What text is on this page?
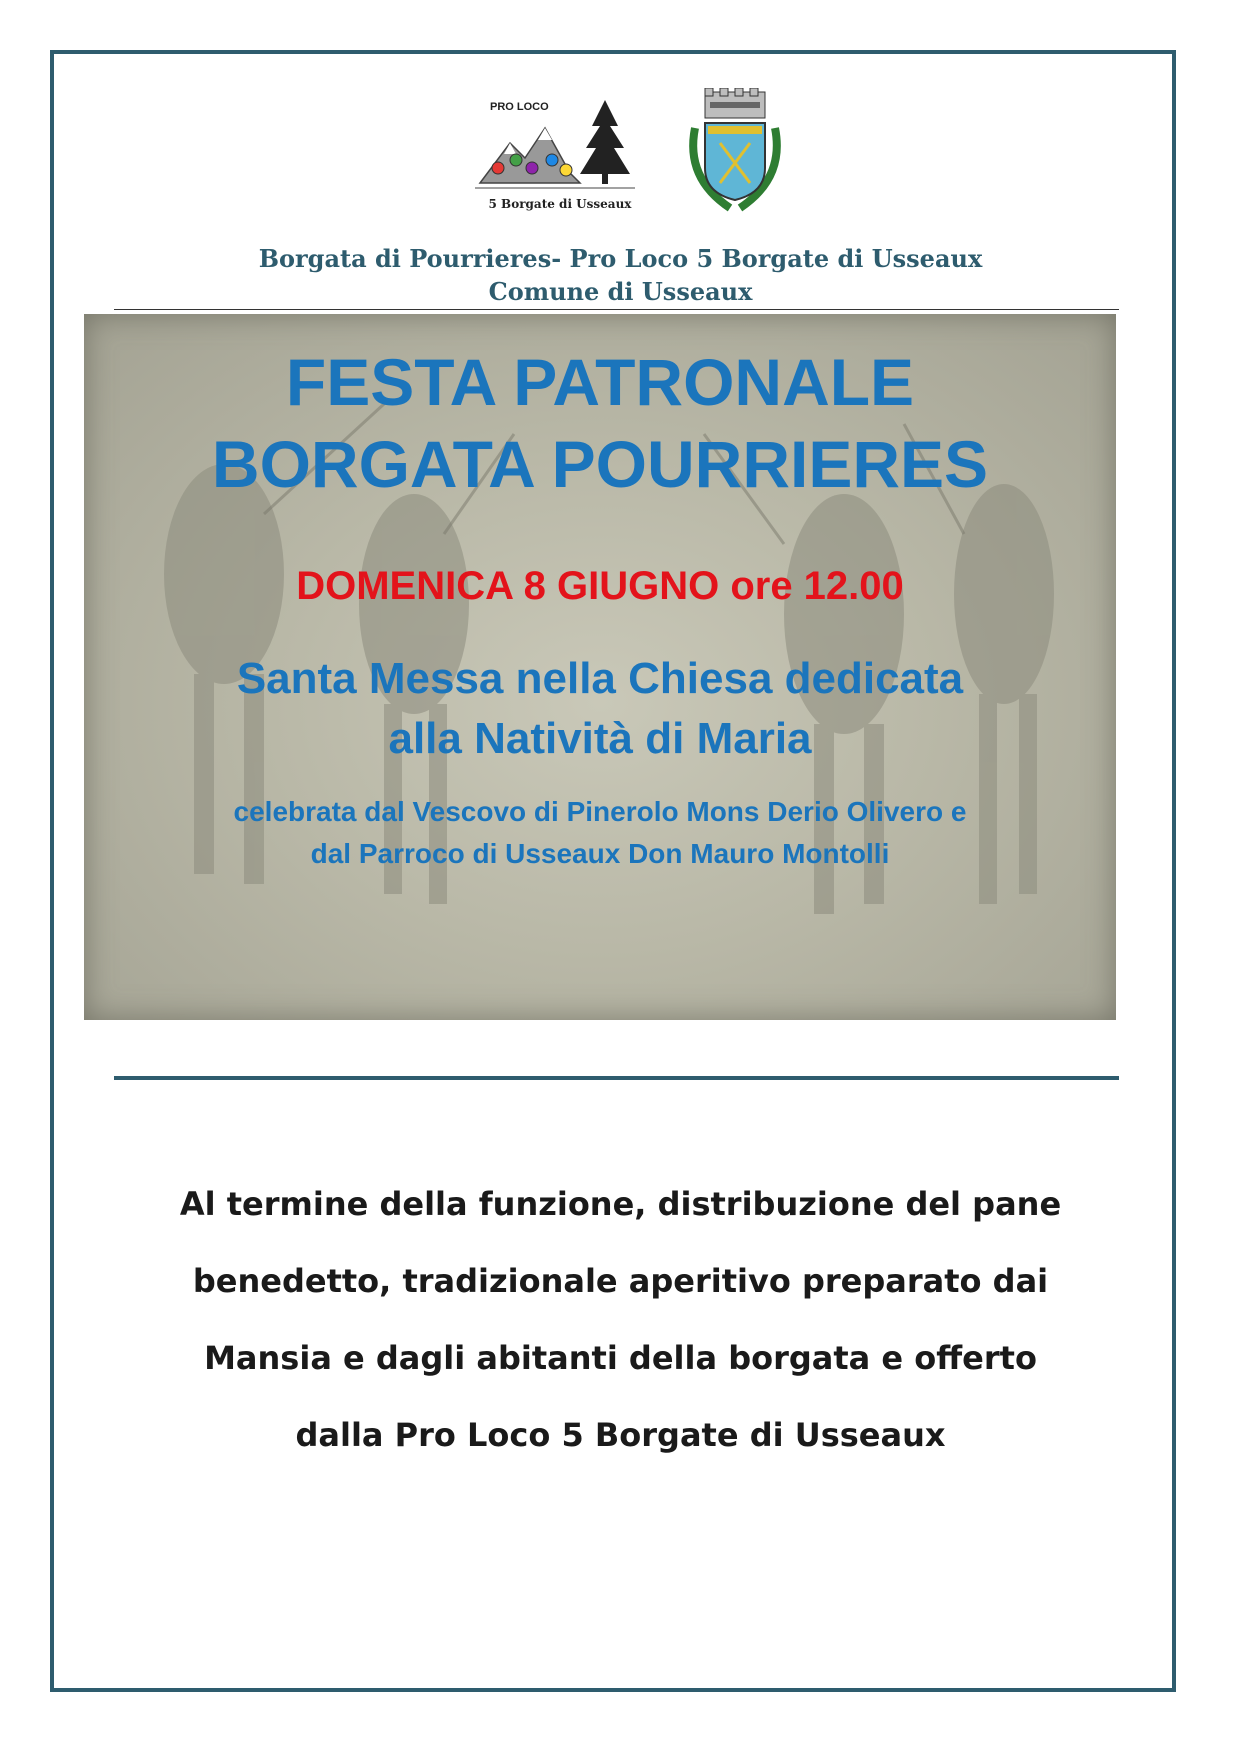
PRO LOCO
5 Borgate di Usseaux
Borgata di Pourrieres- Pro Loco 5 Borgate di Usseaux
Comune di Usseaux
FESTA PATRONALE
BORGATA POURRIERES
DOMENICA 8 GIUGNO ore 12.00
Santa Messa nella Chiesa dedicata
alla Natività di Maria
celebrata dal Vescovo di Pinerolo Mons Derio Olivero e
dal Parroco di Usseaux Don Mauro Montolli
Al termine della funzione, distribuzione del pane
benedetto, tradizionale aperitivo preparato dai
Mansia e dagli abitanti della borgata e offerto
dalla Pro Loco 5 Borgate di Usseaux
